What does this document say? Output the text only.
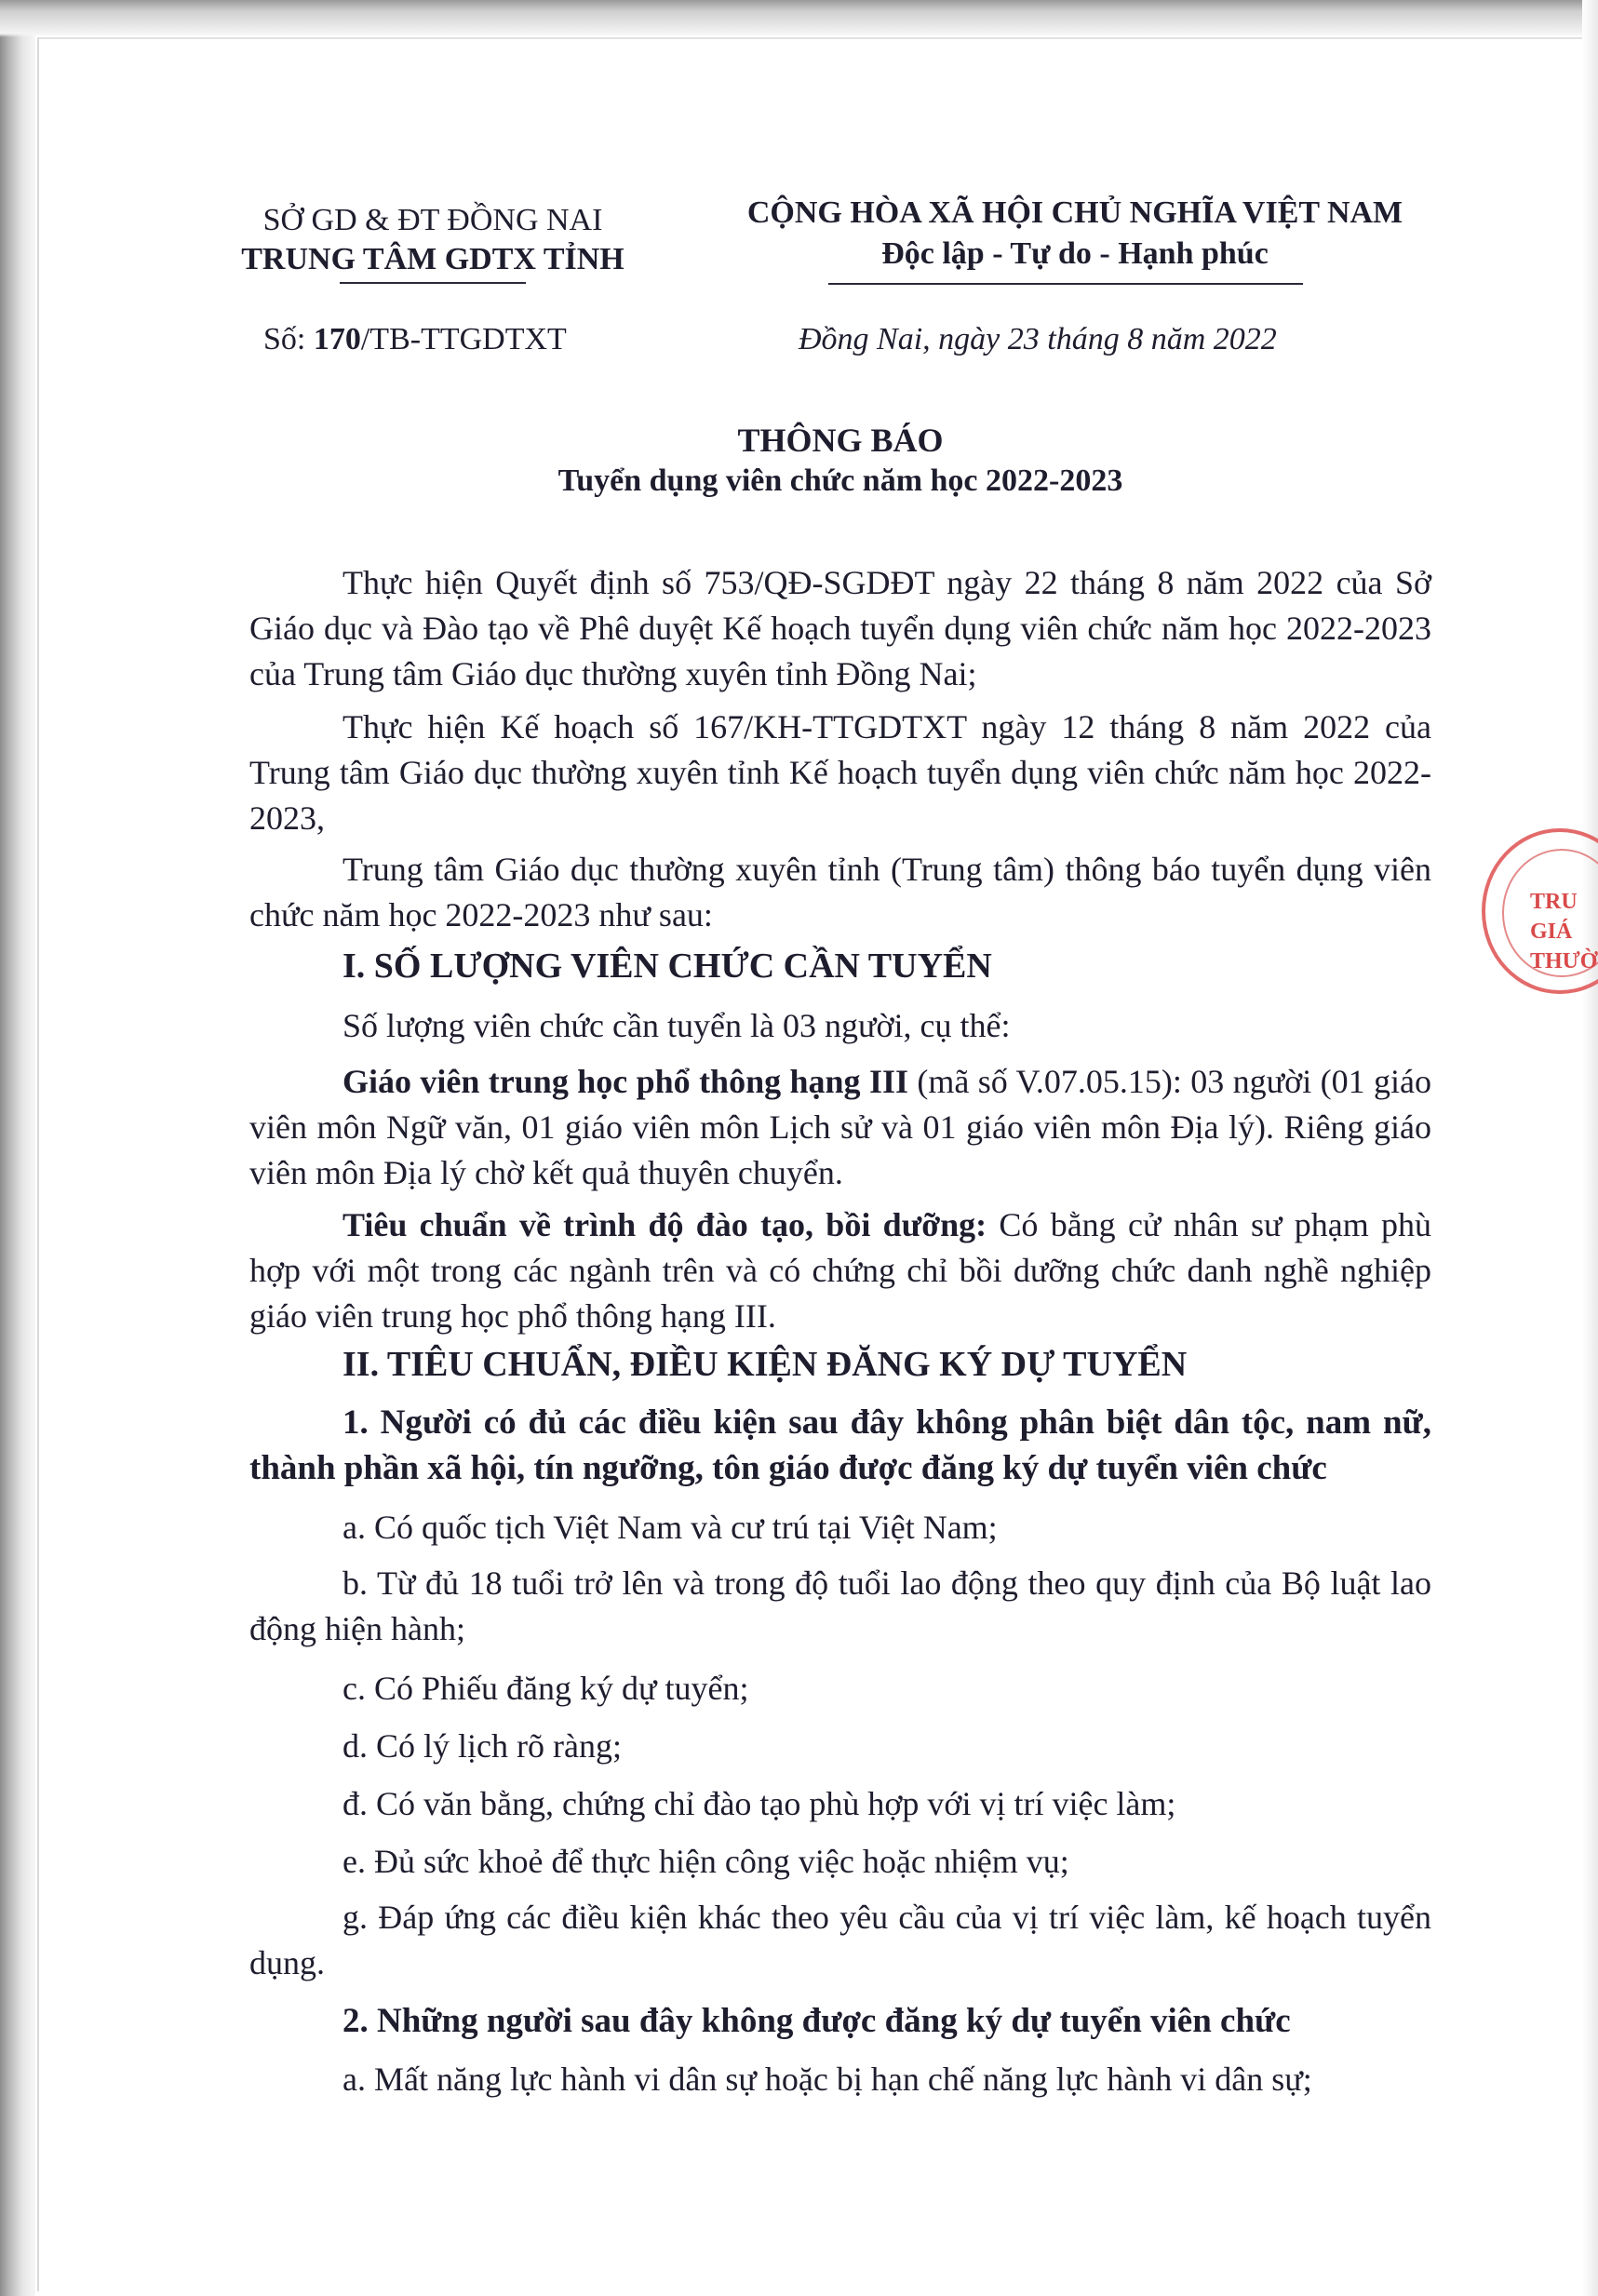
SỞ GD & ĐT ĐỒNG NAI
TRUNG TÂM GDTX TỈNH
CỘNG HÒA XÃ HỘI CHỦ NGHĨA VIỆT NAM
Độc lập - Tự do - Hạnh phúc
Số: 170/TB-TTGDTXT	Đồng Nai, ngày 23 tháng 8 năm 2022
THÔNG BÁO
Tuyển dụng viên chức năm học 2022-2023
Thực hiện Quyết định số 753/QĐ-SGDĐT ngày 22 tháng 8 năm 2022 của Sở Giáo dục và Đào tạo về Phê duyệt Kế hoạch tuyển dụng viên chức năm học 2022-2023 của Trung tâm Giáo dục thường xuyên tỉnh Đồng Nai;
Thực hiện Kế hoạch số 167/KH-TTGDTXT ngày 12 tháng 8 năm 2022 của Trung tâm Giáo dục thường xuyên tỉnh Kế hoạch tuyển dụng viên chức năm học 2022-2023,
Trung tâm Giáo dục thường xuyên tỉnh (Trung tâm) thông báo tuyển dụng viên chức năm học 2022-2023 như sau:
I. SỐ LƯỢNG VIÊN CHỨC CẦN TUYỂN
Số lượng viên chức cần tuyển là 03 người, cụ thể:
Giáo viên trung học phổ thông hạng III (mã số V.07.05.15): 03 người (01 giáo viên môn Ngữ văn, 01 giáo viên môn Lịch sử và 01 giáo viên môn Địa lý). Riêng giáo viên môn Địa lý chờ kết quả thuyên chuyển.
Tiêu chuẩn về trình độ đào tạo, bồi dưỡng: Có bằng cử nhân sư phạm phù hợp với một trong các ngành trên và có chứng chỉ bồi dưỡng chức danh nghề nghiệp giáo viên trung học phổ thông hạng III.
II. TIÊU CHUẨN, ĐIỀU KIỆN ĐĂNG KÝ DỰ TUYỂN
1. Người có đủ các điều kiện sau đây không phân biệt dân tộc, nam nữ, thành phần xã hội, tín ngưỡng, tôn giáo được đăng ký dự tuyển viên chức
a. Có quốc tịch Việt Nam và cư trú tại Việt Nam;
b. Từ đủ 18 tuổi trở lên và trong độ tuổi lao động theo quy định của Bộ luật lao động hiện hành;
c. Có Phiếu đăng ký dự tuyển;
d. Có lý lịch rõ ràng;
đ. Có văn bằng, chứng chỉ đào tạo phù hợp với vị trí việc làm;
e. Đủ sức khoẻ để thực hiện công việc hoặc nhiệm vụ;
g. Đáp ứng các điều kiện khác theo yêu cầu của vị trí việc làm, kế hoạch tuyển dụng.
2. Những người sau đây không được đăng ký dự tuyển viên chức
a. Mất năng lực hành vi dân sự hoặc bị hạn chế năng lực hành vi dân sự;
TRU
GIÁ
THƯỜ
